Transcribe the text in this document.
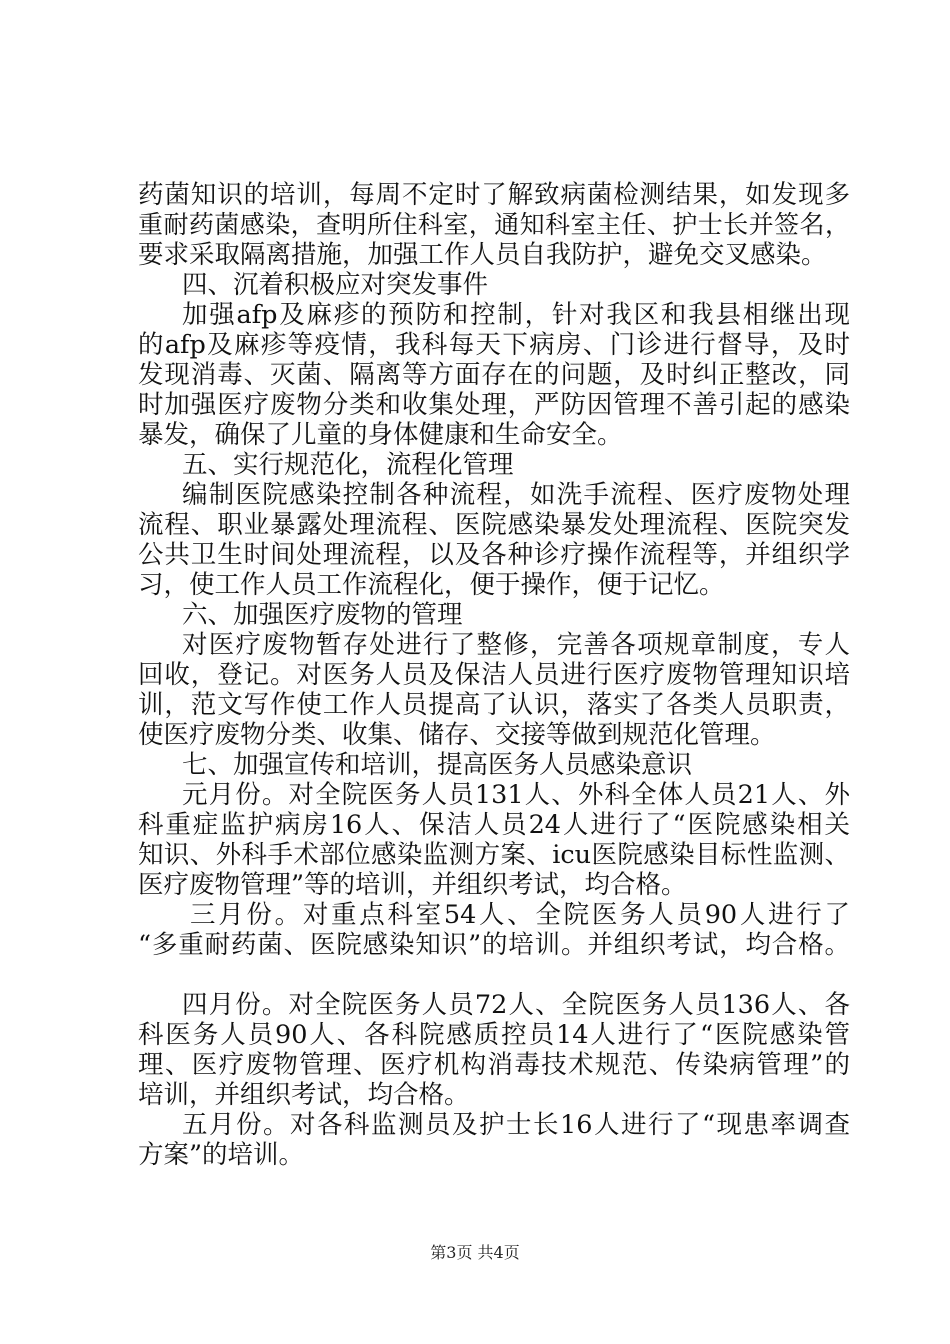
药菌知识的培训，每周不定时了解致病菌检测结果，如发现多

重耐药菌感染，查明所住科室，通知科室主任、护士长并签名，

要求采取隔离措施，加强工作人员自我防护，避免交叉感染。

四、沉着积极应对突发事件

加强afp及麻疹的预防和控制，针对我区和我县相继出现

的afp及麻疹等疫情，我科每天下病房、门诊进行督导，及时

发现消毒、灭菌、隔离等方面存在的问题，及时纠正整改，同

时加强医疗废物分类和收集处理，严防因管理不善引起的感染

暴发，确保了儿童的身体健康和生命安全。

五、实行规范化，流程化管理

编制医院感染控制各种流程，如洗手流程、医疗废物处理

流程、职业暴露处理流程、医院感染暴发处理流程、医院突发

公共卫生时间处理流程，以及各种诊疗操作流程等，并组织学

习，使工作人员工作流程化，便于操作，便于记忆。

六、加强医疗废物的管理

对医疗废物暂存处进行了整修，完善各项规章制度，专人

回收，登记。对医务人员及保洁人员进行医疗废物管理知识培

训，范文写作使工作人员提高了认识，落实了各类人员职责，

使医疗废物分类、收集、储存、交接等做到规范化管理。

七、加强宣传和培训，提高医务人员感染意识

元月份。对全院医务人员131人、外科全体人员21人、外

科重症监护病房16人、保洁人员24人进行了“医院感染相关

知识、外科手术部位感染监测方案、icu医院感染目标性监测、

医疗废物管理”等的培训，并组织考试，均合格。

三月份。对重点科室54人、全院医务人员90人进行了

“多重耐药菌、医院感染知识”的培训。并组织考试，均合格。

四月份。对全院医务人员72人、全院医务人员136人、各

科医务人员90人、各科院感质控员14人进行了“医院感染管

理、医疗废物管理、医疗机构消毒技术规范、传染病管理”的

培训，并组织考试，均合格。

五月份。对各科监测员及护士长16人进行了“现患率调查

方案”的培训。

第3页 共4页
